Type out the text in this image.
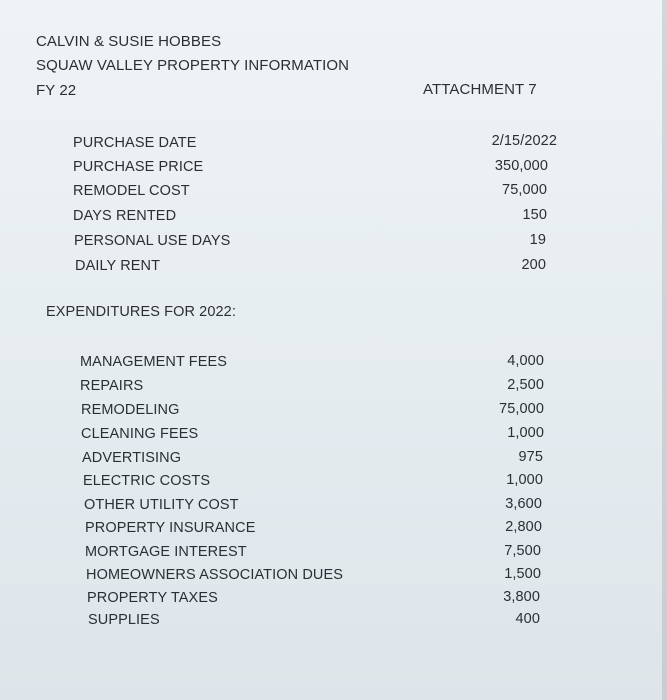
CALVIN & SUSIE HOBBES
SQUAW VALLEY PROPERTY INFORMATION
FY 22	ATTACHMENT 7
PURCHASE DATE	2/15/2022
PURCHASE PRICE	350,000
REMODEL COST	75,000
DAYS RENTED	150
PERSONAL USE DAYS	19
DAILY RENT	200
EXPENDITURES FOR 2022:
MANAGEMENT FEES	4,000
REPAIRS	2,500
REMODELING	75,000
CLEANING FEES	1,000
ADVERTISING	975
ELECTRIC COSTS	1,000
OTHER UTILITY COST	3,600
PROPERTY INSURANCE	2,800
MORTGAGE INTEREST	7,500
HOMEOWNERS ASSOCIATION DUES	1,500
PROPERTY TAXES	3,800
SUPPLIES	400
